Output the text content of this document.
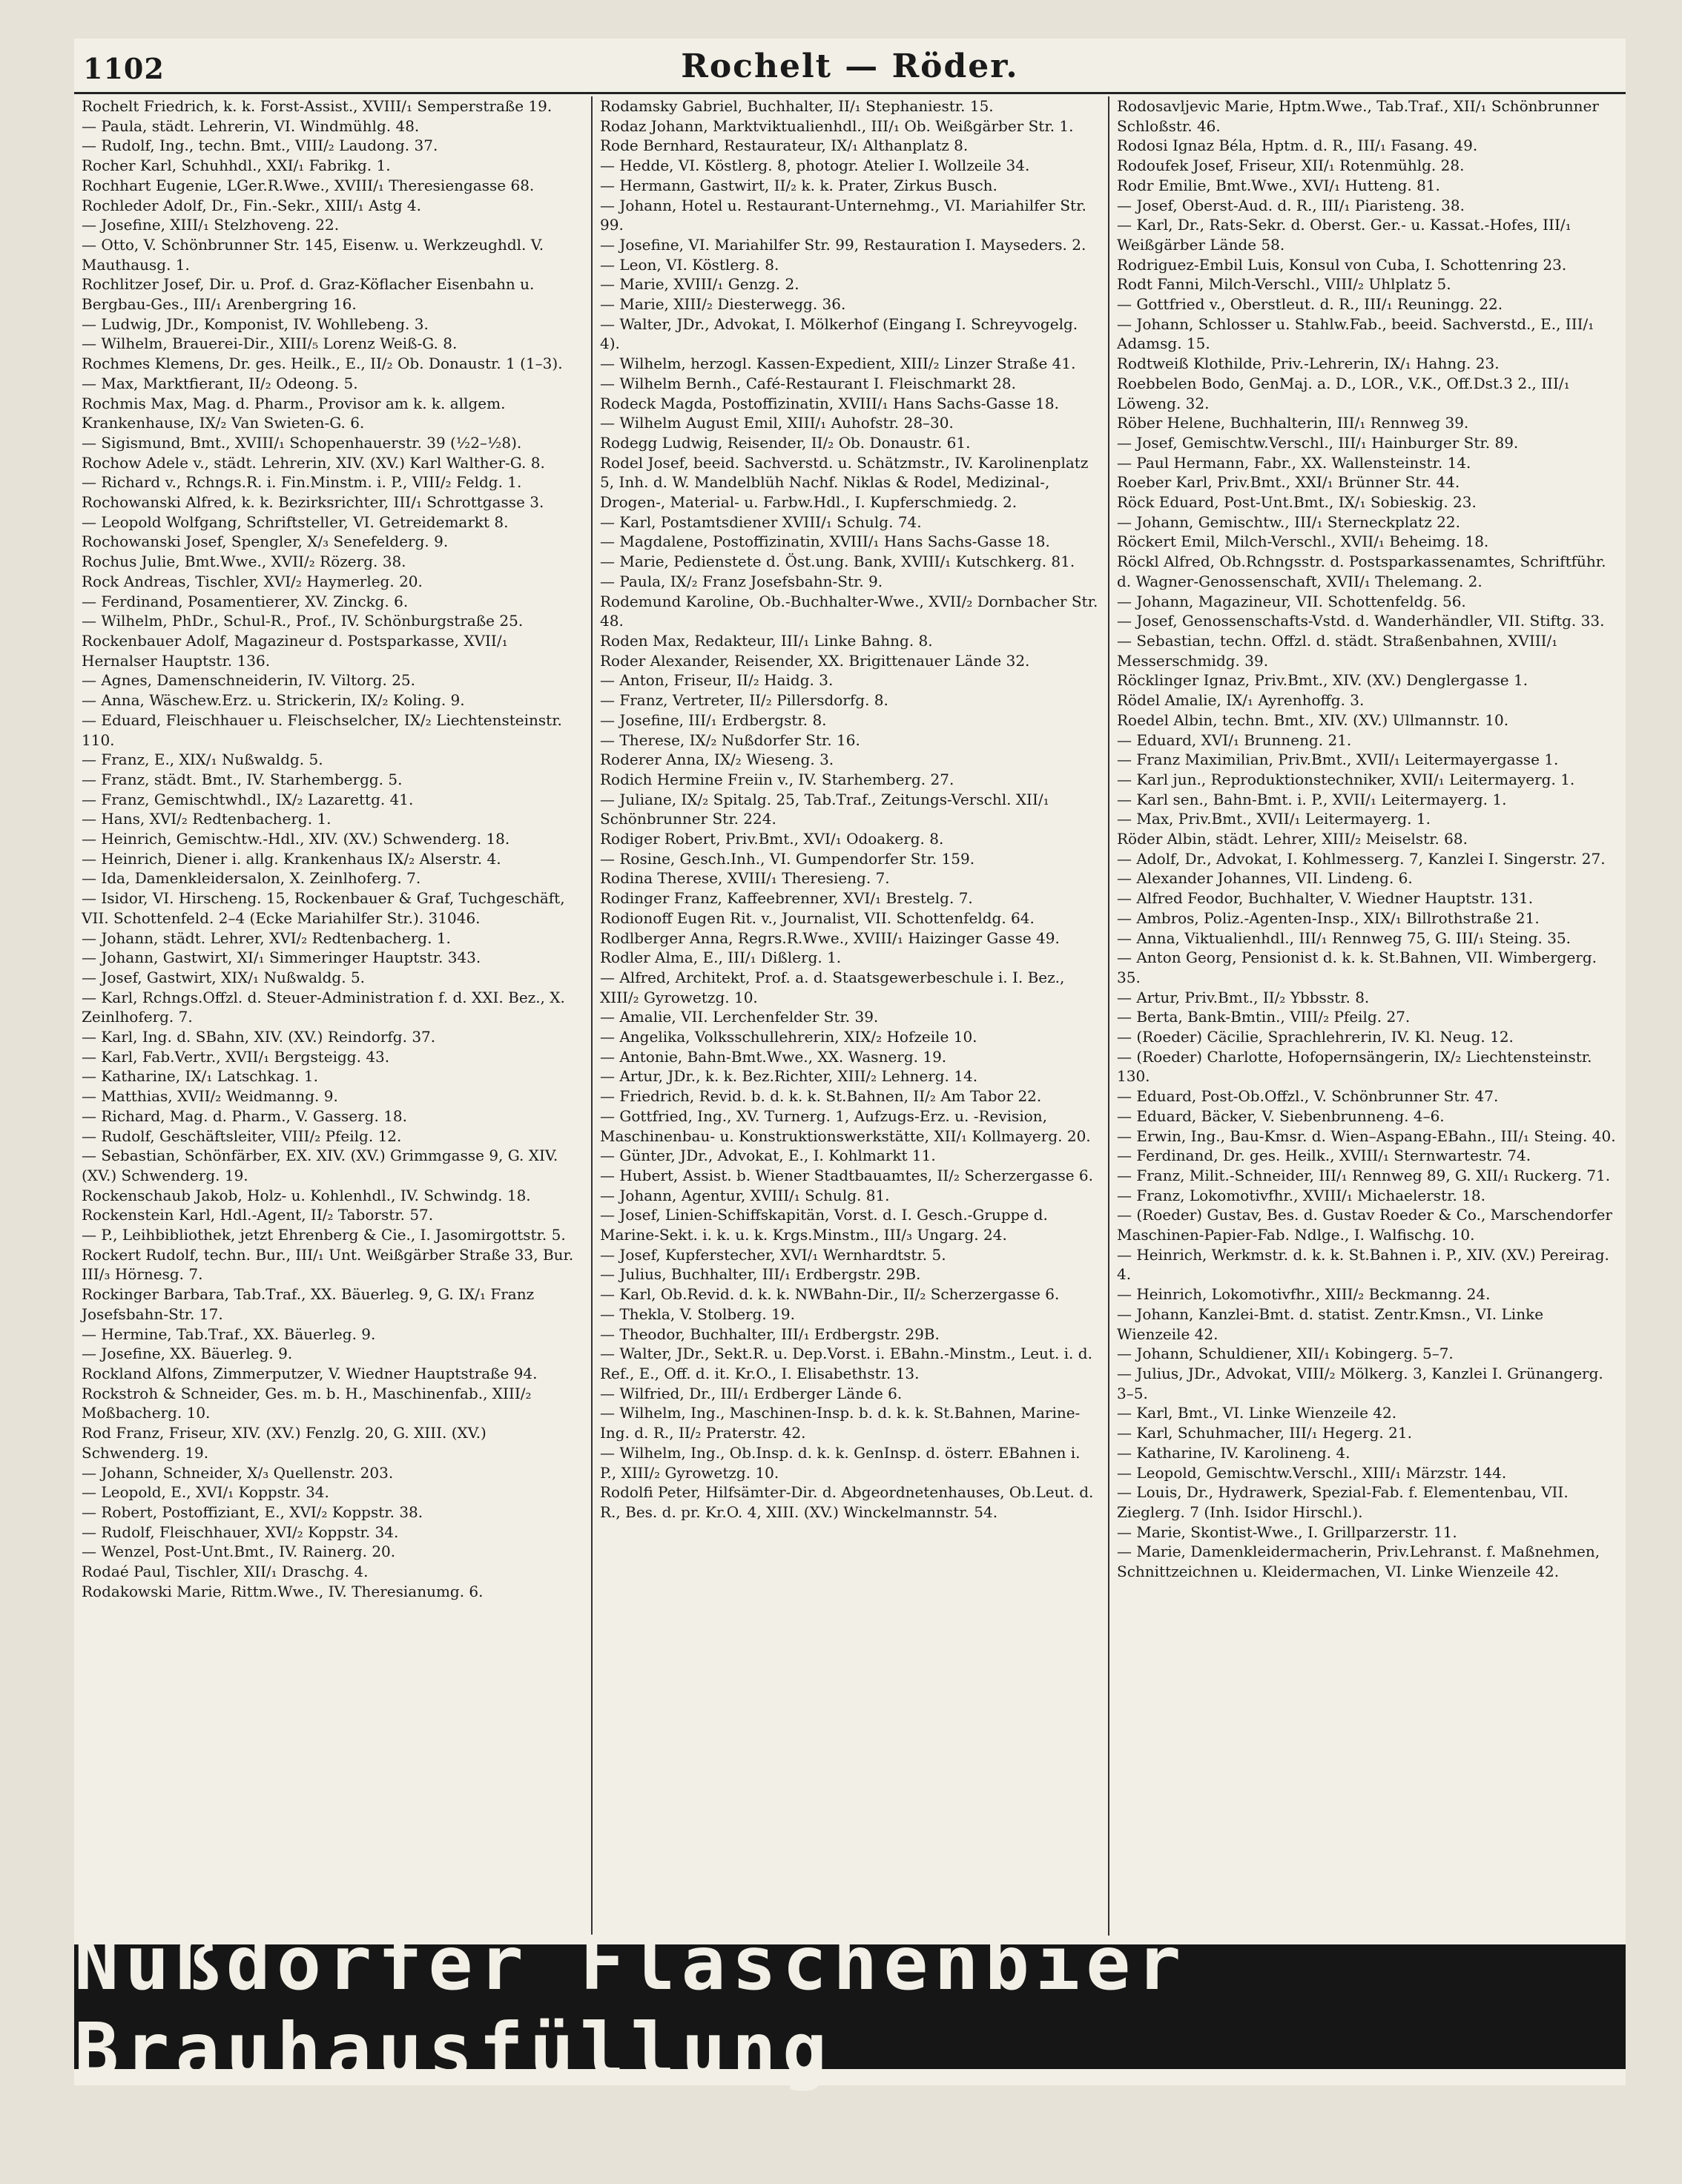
1102	Rochelt — Röder.

Rochelt Friedrich, k. k. Forst-Assist., XVIII/₁ Semperstraße 19.

— Paula, städt. Lehrerin, VI. Windmühlg. 48.

— Rudolf, Ing., techn. Bmt., VIII/₂ Laudong. 37.

Rocher Karl, Schuhhdl., XXI/₁ Fabrikg. 1.

Rochhart Eugenie, LGer.R.Wwe., XVIII/₁ Theresiengasse 68.

Rochleder Adolf, Dr., Fin.-Sekr., XIII/₁ Astg 4.

— Josefine, XIII/₁ Stelzhoveng. 22.

— Otto, V. Schönbrunner Str. 145, Eisenw. u. Werkzeughdl. V. Mauthausg. 1.

Rochlitzer Josef, Dir. u. Prof. d. Graz-Köflacher Eisenbahn u. Bergbau-Ges., III/₁ Arenbergring 16.

— Ludwig, JDr., Komponist, IV. Wohllebeng. 3.

— Wilhelm, Brauerei-Dir., XIII/₅ Lorenz Weiß-G. 8.

Rochmes Klemens, Dr. ges. Heilk., E., II/₂ Ob. Donaustr. 1 (1–3).

— Max, Marktfierant, II/₂ Odeong. 5.

Rochmis Max, Mag. d. Pharm., Provisor am k. k. allgem. Krankenhause, IX/₂ Van Swieten-G. 6.

— Sigismund, Bmt., XVIII/₁ Schopenhauerstr. 39 (½2–½8).

Rochow Adele v., städt. Lehrerin, XIV. (XV.) Karl Walther-G. 8.

— Richard v., Rchngs.R. i. Fin.Minstm. i. P., VIII/₂ Feldg. 1.

Rochowanski Alfred, k. k. Bezirksrichter, III/₁ Schrottgasse 3.

— Leopold Wolfgang, Schriftsteller, VI. Getreidemarkt 8.

Rochowanski Josef, Spengler, X/₃ Senefelderg. 9.

Rochus Julie, Bmt.Wwe., XVII/₂ Rözerg. 38.

Rock Andreas, Tischler, XVI/₂ Haymerleg. 20.

— Ferdinand, Posamentierer, XV. Zinckg. 6.

— Wilhelm, PhDr., Schul-R., Prof., IV. Schönburgstraße 25.

Rockenbauer Adolf, Magazineur d. Postsparkasse, XVII/₁ Hernalser Hauptstr. 136.

— Agnes, Damenschneiderin, IV. Viltorg. 25.

— Anna, Wäschew.Erz. u. Strickerin, IX/₂ Koling. 9.

— Eduard, Fleischhauer u. Fleischselcher, IX/₂ Liechtensteinstr. 110.

— Franz, E., XIX/₁ Nußwaldg. 5.

— Franz, städt. Bmt., IV. Starhembergg. 5.

— Franz, Gemischtwhdl., IX/₂ Lazarettg. 41.

— Hans, XVI/₂ Redtenbacherg. 1.

— Heinrich, Gemischtw.-Hdl., XIV. (XV.) Schwenderg. 18.

— Heinrich, Diener i. allg. Krankenhaus IX/₂ Alserstr. 4.

— Ida, Damenkleidersalon, X. Zeinlhoferg. 7.

— Isidor, VI. Hirscheng. 15, Rockenbauer & Graf, Tuchgeschäft, VII. Schottenfeld. 2–4 (Ecke Mariahilfer Str.). 31046.

— Johann, städt. Lehrer, XVI/₂ Redtenbacherg. 1.

— Johann, Gastwirt, XI/₁ Simmeringer Hauptstr. 343.

— Josef, Gastwirt, XIX/₁ Nußwaldg. 5.

— Karl, Rchngs.Offzl. d. Steuer-Administration f. d. XXI. Bez., X. Zeinlhoferg. 7.

— Karl, Ing. d. SBahn, XIV. (XV.) Reindorfg. 37.

— Karl, Fab.Vertr., XVII/₁ Bergsteigg. 43.

— Katharine, IX/₁ Latschkag. 1.

— Matthias, XVII/₂ Weidmanng. 9.

— Richard, Mag. d. Pharm., V. Gasserg. 18.

— Rudolf, Geschäftsleiter, VIII/₂ Pfeilg. 12.

— Sebastian, Schönfärber, EX. XIV. (XV.) Grimmgasse 9, G. XIV. (XV.) Schwenderg. 19.

Rockenschaub Jakob, Holz- u. Kohlenhdl., IV. Schwindg. 18.

Rockenstein Karl, Hdl.-Agent, II/₂ Taborstr. 57.

— P., Leihbibliothek, jetzt Ehrenberg & Cie., I. Jasomirgottstr. 5.

Rockert Rudolf, techn. Bur., III/₁ Unt. Weißgärber Straße 33, Bur. III/₃ Hörnesg. 7.

Rockinger Barbara, Tab.Traf., XX. Bäuerleg. 9, G. IX/₁ Franz Josefsbahn-Str. 17.

— Hermine, Tab.Traf., XX. Bäuerleg. 9.

— Josefine, XX. Bäuerleg. 9.

Rockland Alfons, Zimmerputzer, V. Wiedner Hauptstraße 94.

Rockstroh & Schneider, Ges. m. b. H., Maschinenfab., XIII/₂ Moßbacherg. 10.

Rod Franz, Friseur, XIV. (XV.) Fenzlg. 20, G. XIII. (XV.) Schwenderg. 19.

— Johann, Schneider, X/₃ Quellenstr. 203.

— Leopold, E., XVI/₁ Koppstr. 34.

— Robert, Postoffiziant, E., XVI/₂ Koppstr. 38.

— Rudolf, Fleischhauer, XVI/₂ Koppstr. 34.

— Wenzel, Post-Unt.Bmt., IV. Rainerg. 20.

Rodaé Paul, Tischler, XII/₁ Draschg. 4.

Rodakowski Marie, Rittm.Wwe., IV. Theresianumg. 6.

Rodamsky Gabriel, Buchhalter, II/₁ Stephaniestr. 15.

Rodaz Johann, Marktviktualienhdl., III/₁ Ob. Weißgärber Str. 1.

Rode Bernhard, Restaurateur, IX/₁ Althanplatz 8.

— Hedde, VI. Köstlerg. 8, photogr. Atelier I. Wollzeile 34.

— Hermann, Gastwirt, II/₂ k. k. Prater, Zirkus Busch.

— Johann, Hotel u. Restaurant-Unternehmg., VI. Mariahilfer Str. 99.

— Josefine, VI. Mariahilfer Str. 99, Restauration I. Mayseders. 2.

— Leon, VI. Köstlerg. 8.

— Marie, XVIII/₁ Genzg. 2.

— Marie, XIII/₂ Diesterwegg. 36.

— Walter, JDr., Advokat, I. Mölkerhof (Eingang I. Schreyvogelg. 4).

— Wilhelm, herzogl. Kassen-Expedient, XIII/₂ Linzer Straße 41.

— Wilhelm Bernh., Café-Restaurant I. Fleischmarkt 28.

Rodeck Magda, Postoffizinatin, XVIII/₁ Hans Sachs-Gasse 18.

— Wilhelm August Emil, XIII/₁ Auhofstr. 28–30.

Rodegg Ludwig, Reisender, II/₂ Ob. Donaustr. 61.

Rodel Josef, beeid. Sachverstd. u. Schätzmstr., IV. Karolinenplatz 5, Inh. d. W. Mandelblüh Nachf. Niklas & Rodel, Medizinal-, Drogen-, Material- u. Farbw.Hdl., I. Kupferschmiedg. 2.

— Karl, Postamtsdiener XVIII/₁ Schulg. 74.

— Magdalene, Postoffizinatin, XVIII/₁ Hans Sachs-Gasse 18.

— Marie, Pedienstete d. Öst.ung. Bank, XVIII/₁ Kutschkerg. 81.

— Paula, IX/₂ Franz Josefsbahn-Str. 9.

Rodemund Karoline, Ob.-Buchhalter-Wwe., XVII/₂ Dornbacher Str. 48.

Roden Max, Redakteur, III/₁ Linke Bahng. 8.

Roder Alexander, Reisender, XX. Brigittenauer Lände 32.

— Anton, Friseur, II/₂ Haidg. 3.

— Franz, Vertreter, II/₂ Pillersdorfg. 8.

— Josefine, III/₁ Erdbergstr. 8.

— Therese, IX/₂ Nußdorfer Str. 16.

Roderer Anna, IX/₂ Wieseng. 3.

Rodich Hermine Freiin v., IV. Starhemberg. 27.

— Juliane, IX/₂ Spitalg. 25, Tab.Traf., Zeitungs-Verschl. XII/₁ Schönbrunner Str. 224.

Rodiger Robert, Priv.Bmt., XVI/₁ Odoakerg. 8.

— Rosine, Gesch.Inh., VI. Gumpendorfer Str. 159.

Rodina Therese, XVIII/₁ Theresieng. 7.

Rodinger Franz, Kaffeebrenner, XVI/₁ Brestelg. 7.

Rodionoff Eugen Rit. v., Journalist, VII. Schottenfeldg. 64.

Rodlberger Anna, Regrs.R.Wwe., XVIII/₁ Haizinger Gasse 49.

Rodler Alma, E., III/₁ Dißlerg. 1.

— Alfred, Architekt, Prof. a. d. Staatsgewerbeschule i. I. Bez., XIII/₂ Gyrowetzg. 10.

— Amalie, VII. Lerchenfelder Str. 39.

— Angelika, Volksschullehrerin, XIX/₂ Hofzeile 10.

— Antonie, Bahn-Bmt.Wwe., XX. Wasnerg. 19.

— Artur, JDr., k. k. Bez.Richter, XIII/₂ Lehnerg. 14.

— Friedrich, Revid. b. d. k. k. St.Bahnen, II/₂ Am Tabor 22.

— Gottfried, Ing., XV. Turnerg. 1, Aufzugs-Erz. u. -Revision, Maschinenbau- u. Konstruktionswerkstätte, XII/₁ Kollmayerg. 20.

— Günter, JDr., Advokat, E., I. Kohlmarkt 11.

— Hubert, Assist. b. Wiener Stadtbauamtes, II/₂ Scherzergasse 6.

— Johann, Agentur, XVIII/₁ Schulg. 81.

— Josef, Linien-Schiffskapitän, Vorst. d. I. Gesch.-Gruppe d. Marine-Sekt. i. k. u. k. Krgs.Minstm., III/₃ Ungarg. 24.

— Josef, Kupferstecher, XVI/₁ Wernhardtstr. 5.

— Julius, Buchhalter, III/₁ Erdbergstr. 29B.

— Karl, Ob.Revid. d. k. k. NWBahn-Dir., II/₂ Scherzergasse 6.

— Thekla, V. Stolberg. 19.

— Theodor, Buchhalter, III/₁ Erdbergstr. 29B.

— Walter, JDr., Sekt.R. u. Dep.Vorst. i. EBahn.-Minstm., Leut. i. d. Ref., E., Off. d. it. Kr.O., I. Elisabethstr. 13.

— Wilfried, Dr., III/₁ Erdberger Lände 6.

— Wilhelm, Ing., Maschinen-Insp. b. d. k. k. St.Bahnen, Marine-Ing. d. R., II/₂ Praterstr. 42.

— Wilhelm, Ing., Ob.Insp. d. k. k. GenInsp. d. österr. EBahnen i. P., XIII/₂ Gyrowetzg. 10.

Rodolfi Peter, Hilfsämter-Dir. d. Abgeordnetenhauses, Ob.Leut. d. R., Bes. d. pr. Kr.O. 4, XIII. (XV.) Winckelmannstr. 54.

Rodosavljevic Marie, Hptm.Wwe., Tab.Traf., XII/₁ Schönbrunner Schloßstr. 46.

Rodosi Ignaz Béla, Hptm. d. R., III/₁ Fasang. 49.

Rodoufek Josef, Friseur, XII/₁ Rotenmühlg. 28.

Rodr Emilie, Bmt.Wwe., XVI/₁ Hutteng. 81.

— Josef, Oberst-Aud. d. R., III/₁ Piaristeng. 38.

— Karl, Dr., Rats-Sekr. d. Oberst. Ger.- u. Kassat.-Hofes, III/₁ Weißgärber Lände 58.

Rodriguez-Embil Luis, Konsul von Cuba, I. Schottenring 23.

Rodt Fanni, Milch-Verschl., VIII/₂ Uhlplatz 5.

— Gottfried v., Oberstleut. d. R., III/₁ Reuningg. 22.

— Johann, Schlosser u. Stahlw.Fab., beeid. Sachverstd., E., III/₁ Adamsg. 15.

Rodtweiß Klothilde, Priv.-Lehrerin, IX/₁ Hahng. 23.

Roebbelen Bodo, GenMaj. a. D., LOR., V.K., Off.Dst.3 2., III/₁ Löweng. 32.

Röber Helene, Buchhalterin, III/₁ Rennweg 39.

— Josef, Gemischtw.Verschl., III/₁ Hainburger Str. 89.

— Paul Hermann, Fabr., XX. Wallensteinstr. 14.

Roeber Karl, Priv.Bmt., XXI/₁ Brünner Str. 44.

Röck Eduard, Post-Unt.Bmt., IX/₁ Sobieskig. 23.

— Johann, Gemischtw., III/₁ Sterneckplatz 22.

Röckert Emil, Milch-Verschl., XVII/₁ Beheimg. 18.

Röckl Alfred, Ob.Rchngsstr. d. Postsparkassenamtes, Schriftführ. d. Wagner-Genossenschaft, XVII/₁ Thelemang. 2.

— Johann, Magazineur, VII. Schottenfeldg. 56.

— Josef, Genossenschafts-Vstd. d. Wanderhändler, VII. Stiftg. 33.

— Sebastian, techn. Offzl. d. städt. Straßenbahnen, XVIII/₁ Messerschmidg. 39.

Röcklinger Ignaz, Priv.Bmt., XIV. (XV.) Denglergasse 1.

Rödel Amalie, IX/₁ Ayrenhoffg. 3.

Roedel Albin, techn. Bmt., XIV. (XV.) Ullmannstr. 10.

— Eduard, XVI/₁ Brunneng. 21.

— Franz Maximilian, Priv.Bmt., XVII/₁ Leitermayergasse 1.

— Karl jun., Reproduktionstechniker, XVII/₁ Leitermayerg. 1.

— Karl sen., Bahn-Bmt. i. P., XVII/₁ Leitermayerg. 1.

— Max, Priv.Bmt., XVII/₁ Leitermayerg. 1.

Röder Albin, städt. Lehrer, XIII/₂ Meiselstr. 68.

— Adolf, Dr., Advokat, I. Kohlmesserg. 7, Kanzlei I. Singerstr. 27.

— Alexander Johannes, VII. Lindeng. 6.

— Alfred Feodor, Buchhalter, V. Wiedner Hauptstr. 131.

— Ambros, Poliz.-Agenten-Insp., XIX/₁ Billrothstraße 21.

— Anna, Viktualienhdl., III/₁ Rennweg 75, G. III/₁ Steing. 35.

— Anton Georg, Pensionist d. k. k. St.Bahnen, VII. Wimbergerg. 35.

— Artur, Priv.Bmt., II/₂ Ybbsstr. 8.

— Berta, Bank-Bmtin., VIII/₂ Pfeilg. 27.

— (Roeder) Cäcilie, Sprachlehrerin, IV. Kl. Neug. 12.

— (Roeder) Charlotte, Hofopernsängerin, IX/₂ Liechtensteinstr. 130.

— Eduard, Post-Ob.Offzl., V. Schönbrunner Str. 47.

— Eduard, Bäcker, V. Siebenbrunneng. 4–6.

— Erwin, Ing., Bau-Kmsr. d. Wien–Aspang-EBahn., III/₁ Steing. 40.

— Ferdinand, Dr. ges. Heilk., XVIII/₁ Sternwartestr. 74.

— Franz, Milit.-Schneider, III/₁ Rennweg 89, G. XII/₁ Ruckerg. 71.

— Franz, Lokomotivfhr., XVIII/₁ Michaelerstr. 18.

— (Roeder) Gustav, Bes. d. Gustav Roeder & Co., Marschendorfer Maschinen-Papier-Fab. Ndlge., I. Walfischg. 10.

— Heinrich, Werkmstr. d. k. k. St.Bahnen i. P., XIV. (XV.) Pereirag. 4.

— Heinrich, Lokomotivfhr., XIII/₂ Beckmanng. 24.

— Johann, Kanzlei-Bmt. d. statist. Zentr.Kmsn., VI. Linke Wienzeile 42.

— Johann, Schuldiener, XII/₁ Kobingerg. 5–7.

— Julius, JDr., Advokat, VIII/₂ Mölkerg. 3, Kanzlei I. Grünangerg. 3–5.

— Karl, Bmt., VI. Linke Wienzeile 42.

— Karl, Schuhmacher, III/₁ Hegerg. 21.

— Katharine, IV. Karolineng. 4.

— Leopold, Gemischtw.Verschl., XIII/₁ Märzstr. 144.

— Louis, Dr., Hydrawerk, Spezial-Fab. f. Elementenbau, VII. Zieglerg. 7 (Inh. Isidor Hirschl.).

— Marie, Skontist-Wwe., I. Grillparzerstr. 11.

— Marie, Damenkleidermacherin, Priv.Lehranst. f. Maßnehmen, Schnittzeichnen u. Kleidermachen, VI. Linke Wienzeile 42.

Nußdorfer Flaschenbier Brauhausfüllung
